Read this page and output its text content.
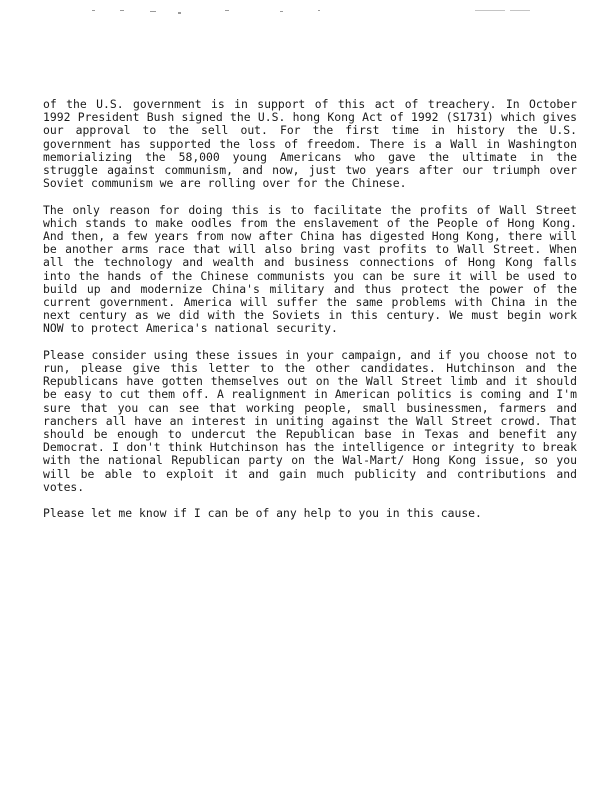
of the U.S. government is in support of this act of treachery. In October 1992 President Bush signed the U.S. hong Kong Act of 1992 (S1731) which gives our approval to the sell out. For the first time in history the U.S. government has supported the loss of freedom. There is a Wall in Washington memorializing the 58,000 young Americans who gave the ultimate in the struggle against communism, and now, just two years after our triumph over Soviet communism we are rolling over for the Chinese.

The only reason for doing this is to facilitate the profits of Wall Street which stands to make oodles from the enslavement of the People of Hong Kong. And then, a few years from now after China has digested Hong Kong, there will be another arms race that will also bring vast profits to Wall Street. When all the technology and wealth and business connections of Hong Kong falls into the hands of the Chinese communists you can be sure it will be used to build up and modernize China's military and thus protect the power of the current government. America will suffer the same problems with China in the next century as we did with the Soviets in this century. We must begin work NOW to protect America's national security.

Please consider using these issues in your campaign, and if you choose not to run, please give this letter to the other candidates. Hutchinson and the Republicans have gotten themselves out on the Wall Street limb and it should be easy to cut them off. A realignment in American politics is coming and I'm sure that you can see that working people, small businessmen, farmers and ranchers all have an interest in uniting against the Wall Street crowd. That should be enough to undercut the Republican base in Texas and benefit any Democrat. I don't think Hutchinson has the intelligence or integrity to break with the national Republican party on the Wal-Mart/ Hong Kong issue, so you will be able to exploit it and gain much publicity and contributions and votes.

Please let me know if I can be of any help to you in this cause.
